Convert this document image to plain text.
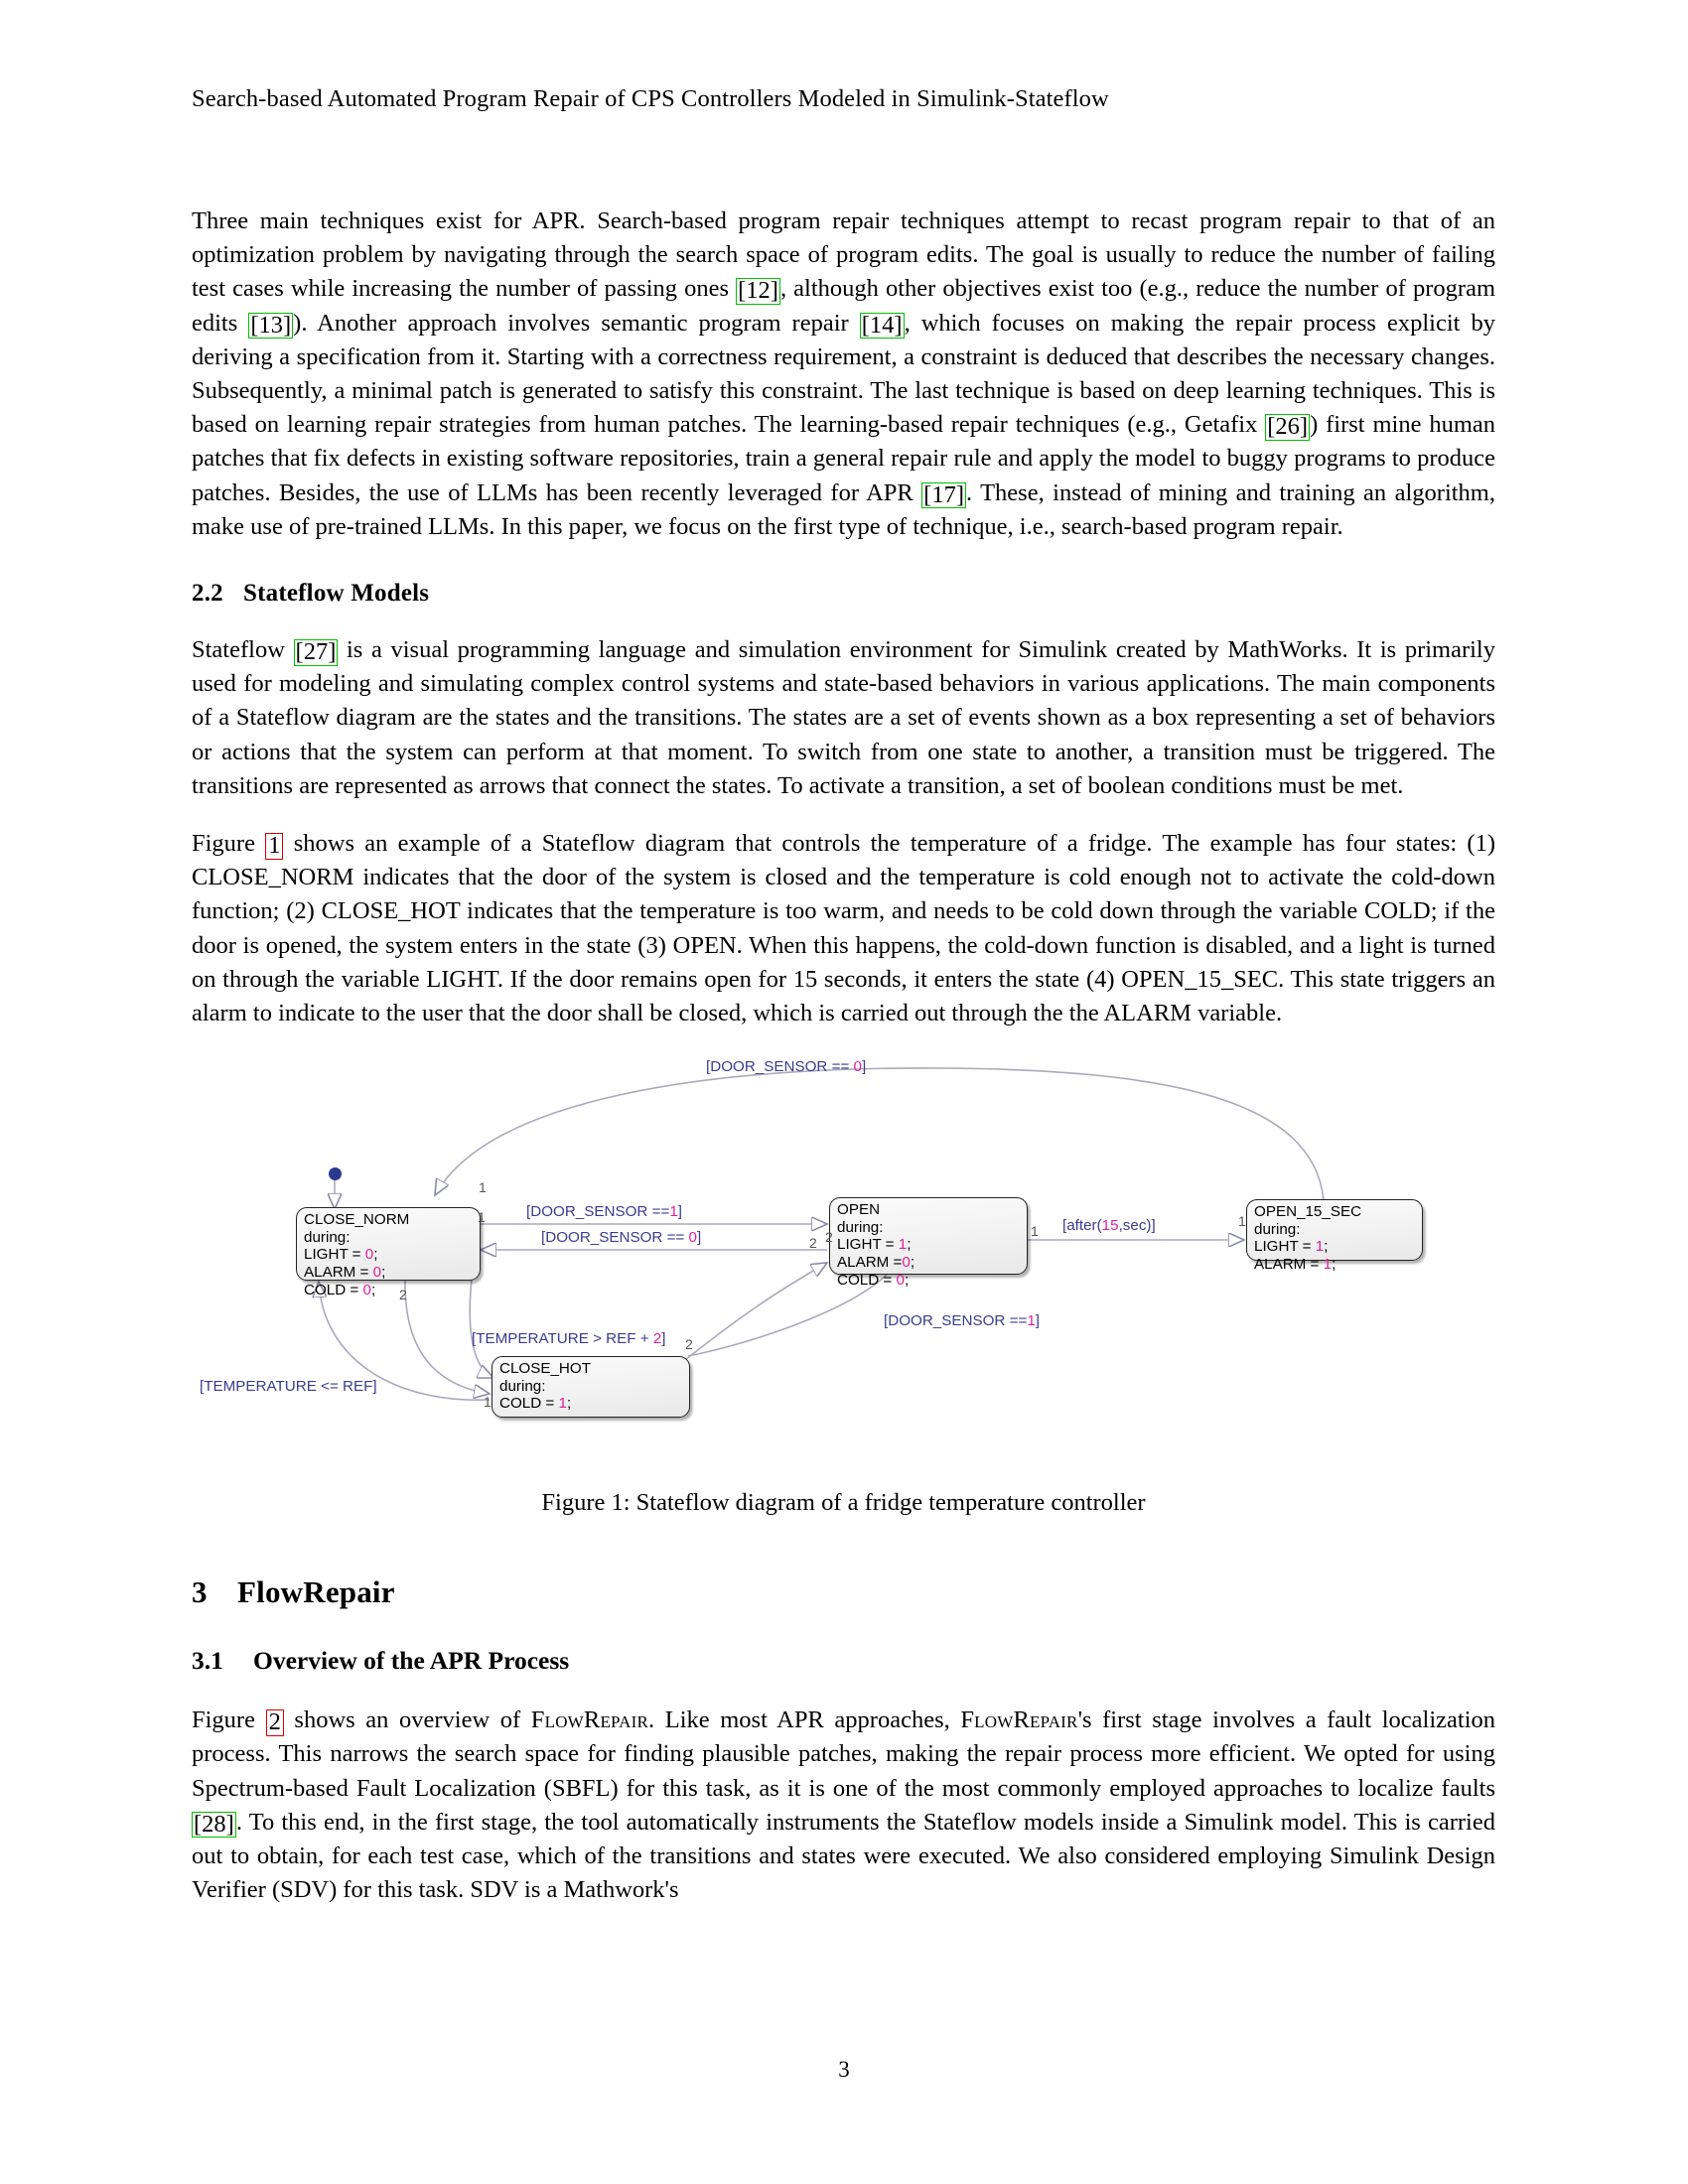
Search-based Automated Program Repair of CPS Controllers Modeled in Simulink-Stateflow

Three main techniques exist for APR. Search-based program repair techniques attempt to recast program repair to that of an optimization problem by navigating through the search space of program edits. The goal is usually to reduce the number of failing test cases while increasing the number of passing ones [12], although other objectives exist too (e.g., reduce the number of program edits [13]). Another approach involves semantic program repair [14], which focuses on making the repair process explicit by deriving a specification from it. Starting with a correctness requirement, a constraint is deduced that describes the necessary changes. Subsequently, a minimal patch is generated to satisfy this constraint. The last technique is based on deep learning techniques. This is based on learning repair strategies from human patches. The learning-based repair techniques (e.g., Getafix [26]) first mine human patches that fix defects in existing software repositories, train a general repair rule and apply the model to buggy programs to produce patches. Besides, the use of LLMs has been recently leveraged for APR [17]. These, instead of mining and training an algorithm, make use of pre-trained LLMs. In this paper, we focus on the first type of technique, i.e., search-based program repair.

2.2 Stateflow Models

Stateflow [27] is a visual programming language and simulation environment for Simulink created by MathWorks. It is primarily used for modeling and simulating complex control systems and state-based behaviors in various applications. The main components of a Stateflow diagram are the states and the transitions. The states are a set of events shown as a box representing a set of behaviors or actions that the system can perform at that moment. To switch from one state to another, a transition must be triggered. The transitions are represented as arrows that connect the states. To activate a transition, a set of boolean conditions must be met.

Figure 1 shows an example of a Stateflow diagram that controls the temperature of a fridge. The example has four states: (1) CLOSE_NORM indicates that the door of the system is closed and the temperature is cold enough not to activate the cold-down function; (2) CLOSE_HOT indicates that the temperature is too warm, and needs to be cold down through the variable COLD; if the door is opened, the system enters in the state (3) OPEN. When this happens, the cold-down function is disabled, and a light is turned on through the variable LIGHT. If the door remains open for 15 seconds, it enters the state (4) OPEN_15_SEC. This state triggers an alarm to indicate to the user that the door shall be closed, which is carried out through the the ALARM variable.

CLOSE_NORM
during:
LIGHT = 0;
ALARM = 0;
COLD = 0;
OPEN
during:
LIGHT = 1;
ALARM =0;
COLD = 0;
OPEN_15_SEC
during:
LIGHT = 1;
ALARM = 1;
CLOSE_HOT
during:
COLD = 1;
[DOOR_SENSOR == 0]
[DOOR_SENSOR ==1]
[DOOR_SENSOR == 0]
[after(15,sec)]
[DOOR_SENSOR ==1]
[TEMPERATURE > REF + 2]
[TEMPERATURE <= REF]
1
2
1
2
1
2
1
2
1
Figure 1: Stateflow diagram of a fridge temperature controller
3 FlowRepair
3.1 Overview of the APR Process

Figure 2 shows an overview of FlowRepair. Like most APR approaches, FlowRepair's first stage involves a fault localization process. This narrows the search space for finding plausible patches, making the repair process more efficient. We opted for using Spectrum-based Fault Localization (SBFL) for this task, as it is one of the most commonly employed approaches to localize faults [28]. To this end, in the first stage, the tool automatically instruments the Stateflow models inside a Simulink model. This is carried out to obtain, for each test case, which of the transitions and states were executed. We also considered employing Simulink Design Verifier (SDV) for this task. SDV is a Mathwork's

3
